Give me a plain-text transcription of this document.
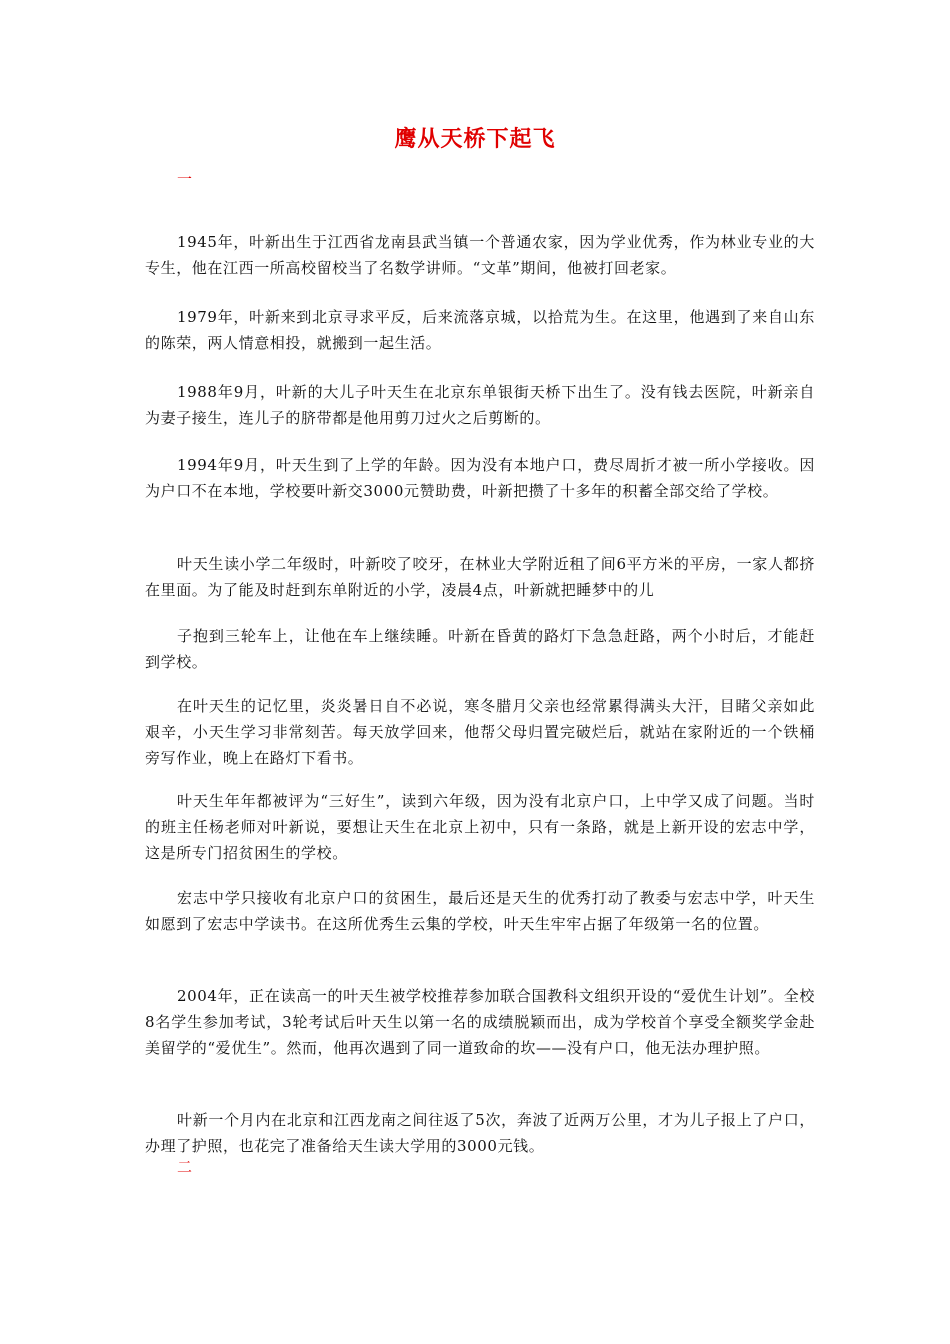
鹰从天桥下起飞
一

1945年，叶新出生于江西省龙南县武当镇一个普通农家，因为学业优秀，作为林业专业的大专生，他在江西一所高校留校当了名数学讲师。“文革”期间，他被打回老家。

1979年，叶新来到北京寻求平反，后来流落京城，以拾荒为生。在这里，他遇到了来自山东的陈荣，两人情意相投，就搬到一起生活。

1988年9月，叶新的大儿子叶天生在北京东单银街天桥下出生了。没有钱去医院，叶新亲自为妻子接生，连儿子的脐带都是他用剪刀过火之后剪断的。

1994年9月，叶天生到了上学的年龄。因为没有本地户口，费尽周折才被一所小学接收。因为户口不在本地，学校要叶新交3000元赞助费，叶新把攒了十多年的积蓄全部交给了学校。

叶天生读小学二年级时，叶新咬了咬牙，在林业大学附近租了间6平方米的平房，一家人都挤在里面。为了能及时赶到东单附近的小学，凌晨4点，叶新就把睡梦中的儿

子抱到三轮车上，让他在车上继续睡。叶新在昏黄的路灯下急急赶路，两个小时后，才能赶到学校。

在叶天生的记忆里，炎炎暑日自不必说，寒冬腊月父亲也经常累得满头大汗，目睹父亲如此艰辛，小天生学习非常刻苦。每天放学回来，他帮父母归置完破烂后，就站在家附近的一个铁桶旁写作业，晚上在路灯下看书。

叶天生年年都被评为“三好生”，读到六年级，因为没有北京户口，上中学又成了问题。当时的班主任杨老师对叶新说，要想让天生在北京上初中，只有一条路，就是上新开设的宏志中学，这是所专门招贫困生的学校。

宏志中学只接收有北京户口的贫困生，最后还是天生的优秀打动了教委与宏志中学，叶天生如愿到了宏志中学读书。在这所优秀生云集的学校，叶天生牢牢占据了年级第一名的位置。

2004年，正在读高一的叶天生被学校推荐参加联合国教科文组织开设的“爱优生计划”。全校8名学生参加考试，3轮考试后叶天生以第一名的成绩脱颖而出，成为学校首个享受全额奖学金赴美留学的“爱优生”。然而，他再次遇到了同一道致命的坎——没有户口，他无法办理护照。

叶新一个月内在北京和江西龙南之间往返了5次，奔波了近两万公里，才为儿子报上了户口，办理了护照，也花完了准备给天生读大学用的3000元钱。

二
